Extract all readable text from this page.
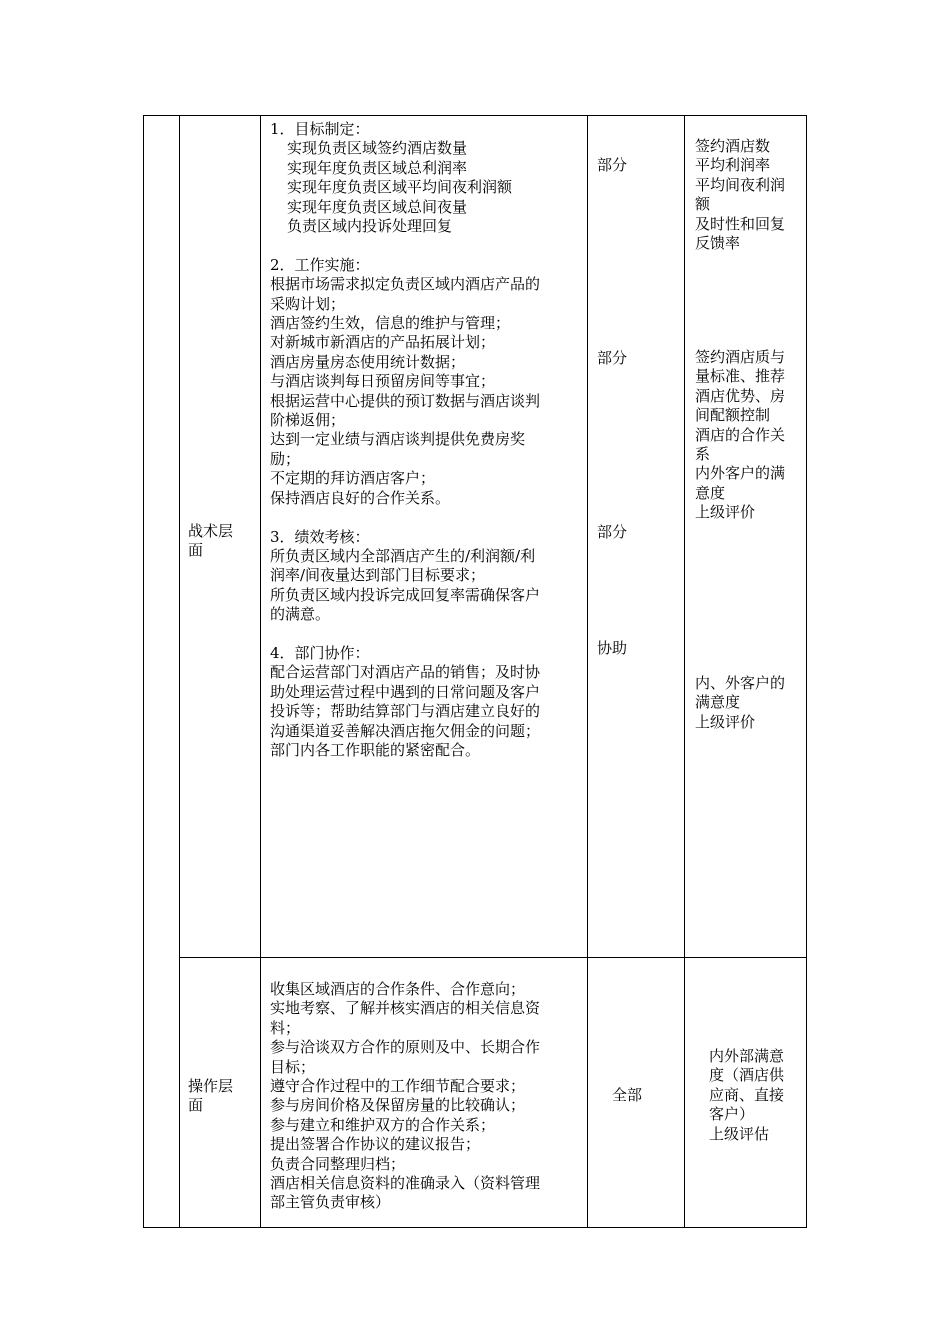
战术层
面
1．目标制定：
实现负责区域签约酒店数量
实现年度负责区域总利润率
实现年度负责区域平均间夜利润额
实现年度负责区域总间夜量
负责区域内投诉处理回复
2．工作实施：
根据市场需求拟定负责区域内酒店产品的
采购计划；
酒店签约生效，信息的维护与管理；
对新城市新酒店的产品拓展计划；
酒店房量房态使用统计数据；
与酒店谈判每日预留房间等事宜；
根据运营中心提供的预订数据与酒店谈判
阶梯返佣；
达到一定业绩与酒店谈判提供免费房奖
励；
不定期的拜访酒店客户；
保持酒店良好的合作关系。
3．绩效考核：
所负责区域内全部酒店产生的/利润额/利
润率/间夜量达到部门目标要求；
所负责区域内投诉完成回复率需确保客户
的满意。
4．部门协作：
配合运营部门对酒店产品的销售；及时协
助处理运营过程中遇到的日常问题及客户
投诉等；帮助结算部门与酒店建立良好的
沟通渠道妥善解决酒店拖欠佣金的问题；
部门内各工作职能的紧密配合。
部分
部分
部分
协助
签约酒店数
平均利润率
平均间夜利润
额
及时性和回复
反馈率
签约酒店质与
量标准、推荐
酒店优势、房
间配额控制
酒店的合作关
系
内外客户的满
意度
上级评价
内、外客户的
满意度
上级评价
操作层
面
收集区域酒店的合作条件、合作意向；
实地考察、了解并核实酒店的相关信息资
料；
参与洽谈双方合作的原则及中、长期合作
目标；
遵守合作过程中的工作细节配合要求；
参与房间价格及保留房量的比较确认；
参与建立和维护双方的合作关系；
提出签署合作协议的建议报告；
负责合同整理归档；
酒店相关信息资料的准确录入（资料管理
部主管负责审核）
全部
内外部满意
度（酒店供
应商、直接
客户）
上级评估
